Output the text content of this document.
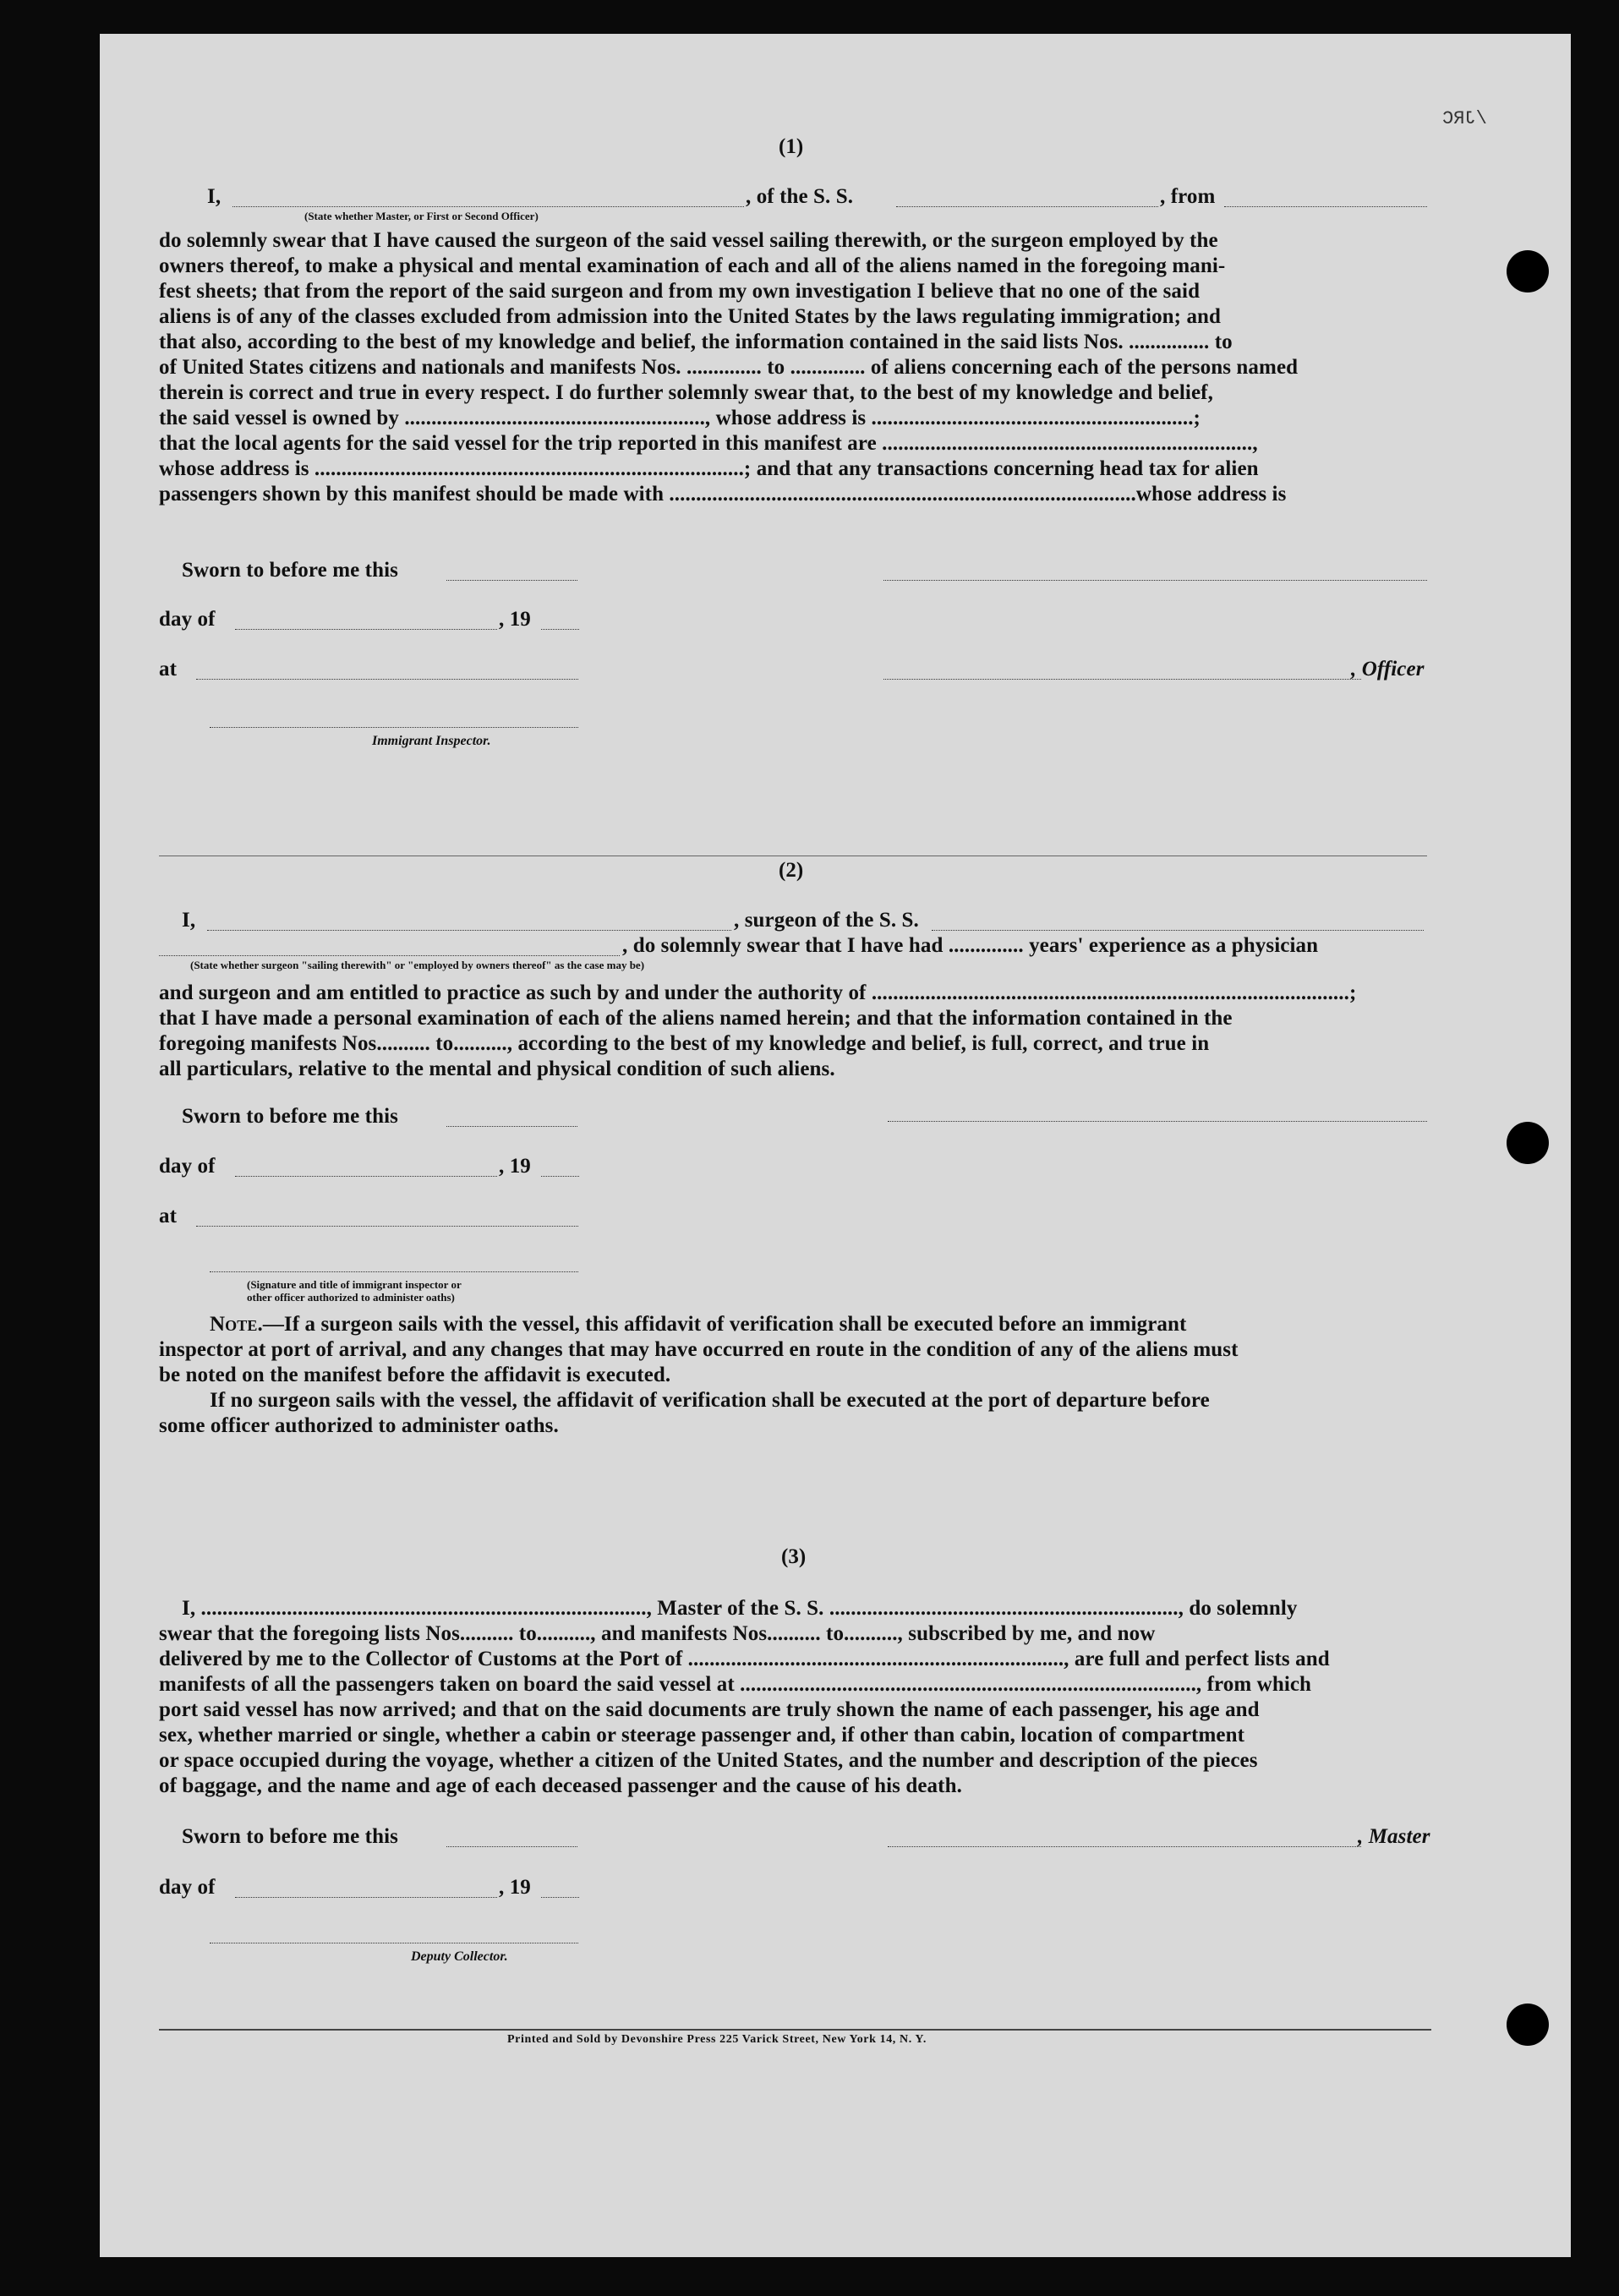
/JRC
(1)
I,	, of the S. S.	, from
(State whether Master, or First or Second Officer)
do solemnly swear that I have caused the surgeon of the said vessel sailing therewith, or the surgeon employed by the
owners thereof, to make a physical and mental examination of each and all of the aliens named in the foregoing mani-
fest sheets; that from the report of the said surgeon and from my own investigation I believe that no one of the said
aliens is of any of the classes excluded from admission into the United States by the laws regulating immigration; and
that also, according to the best of my knowledge and belief, the information contained in the said lists Nos. ............... to
of United States citizens and nationals and manifests Nos. .............. to .............. of aliens concerning each of the persons named
therein is correct and true in every respect. I do further solemnly swear that, to the best of my knowledge and belief,
the said vessel is owned by ........................................................, whose address is ............................................................;
that the local agents for the said vessel for the trip reported in this manifest are .....................................................................,
whose address is ................................................................................; and that any transactions concerning head tax for alien
passengers shown by this manifest should be made with .......................................................................................whose address is
Sworn to before me this
day of	, 19
at	, Officer
Immigrant Inspector.
(2)
I,	, surgeon of the S. S.
, do solemnly swear that I have had .............. years' experience as a physician
(State whether surgeon "sailing therewith" or "employed by owners thereof" as the case may be)
and surgeon and am entitled to practice as such by and under the authority of .........................................................................................;
that I have made a personal examination of each of the aliens named herein; and that the information contained in the
foregoing manifests Nos.......... to.........., according to the best of my knowledge and belief, is full, correct, and true in
all particulars, relative to the mental and physical condition of such aliens.
Sworn to before me this
day of	, 19
at
(Signature and title of immigrant inspector or
other officer authorized to administer oaths)
Note.—If a surgeon sails with the vessel, this affidavit of verification shall be executed before an immigrant
inspector at port of arrival, and any changes that may have occurred en route in the condition of any of the aliens must
be noted on the manifest before the affidavit is executed.
If no surgeon sails with the vessel, the affidavit of verification shall be executed at the port of departure before
some officer authorized to administer oaths.
(3)
I, ..................................................................................., Master of the S. S. ................................................................., do solemnly
swear that the foregoing lists Nos.......... to.........., and manifests Nos.......... to.........., subscribed by me, and now
delivered by me to the Collector of Customs at the Port of ......................................................................, are full and perfect lists and
manifests of all the passengers taken on board the said vessel at ....................................................................................., from which
port said vessel has now arrived; and that on the said documents are truly shown the name of each passenger, his age and
sex, whether married or single, whether a cabin or steerage passenger and, if other than cabin, location of compartment
or space occupied during the voyage, whether a citizen of the United States, and the number and description of the pieces
of baggage, and the name and age of each deceased passenger and the cause of his death.
Sworn to before me this	, Master
day of	, 19
Deputy Collector.
Printed and Sold by Devonshire Press 225 Varick Street, New York 14, N. Y.
